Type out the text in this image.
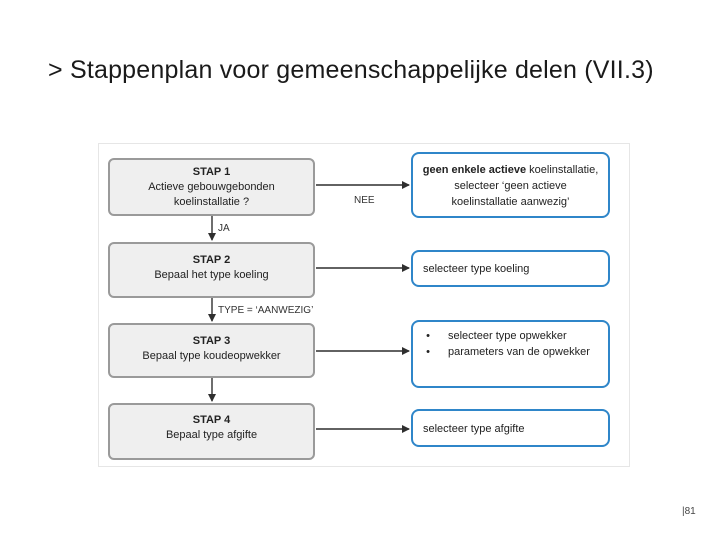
> Stappenplan voor gemeenschappelijke delen (VII.3)
STAP 1
Actieve gebouwgebonden koelinstallatie ?
STAP 2
Bepaal het type koeling
STAP 3
Bepaal type koudeopwekker
STAP 4
Bepaal type afgifte
geen enkele actieve koelinstallatie, selecteer ‘geen actieve koelinstallatie aanwezig’
selecteer type koeling
• selecteer type opwekker
• parameters van de opwekker
selecteer type afgifte
NEE
JA
TYPE = ‘AANWEZIG’
|81
